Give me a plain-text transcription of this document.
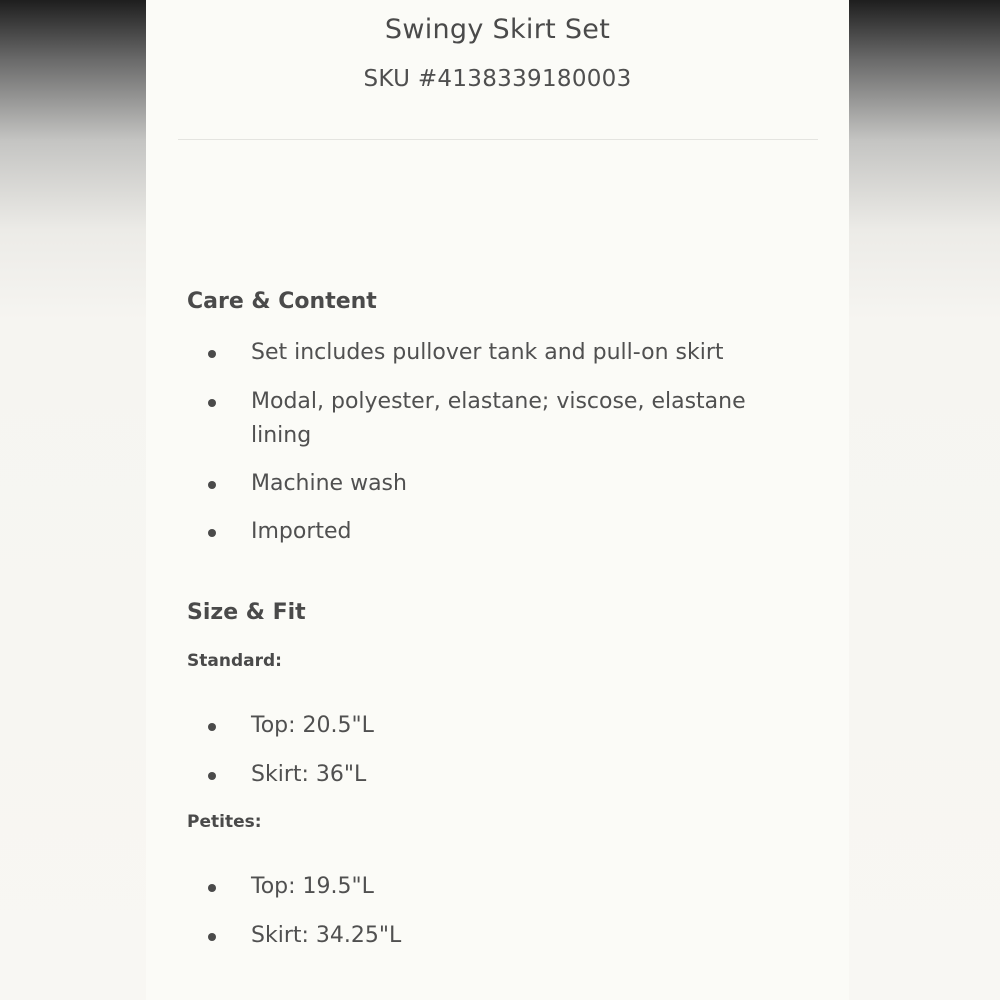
Swingy Skirt Set
SKU #4138339180003
Care & Content
Set includes pullover tank and pull-on skirt
Modal, polyester, elastane; viscose, elastane
lining
Machine wash
Imported
Size & Fit
Standard:
Top: 20.5"L
Skirt: 36"L
Petites:
Top: 19.5"L
Skirt: 34.25"L
